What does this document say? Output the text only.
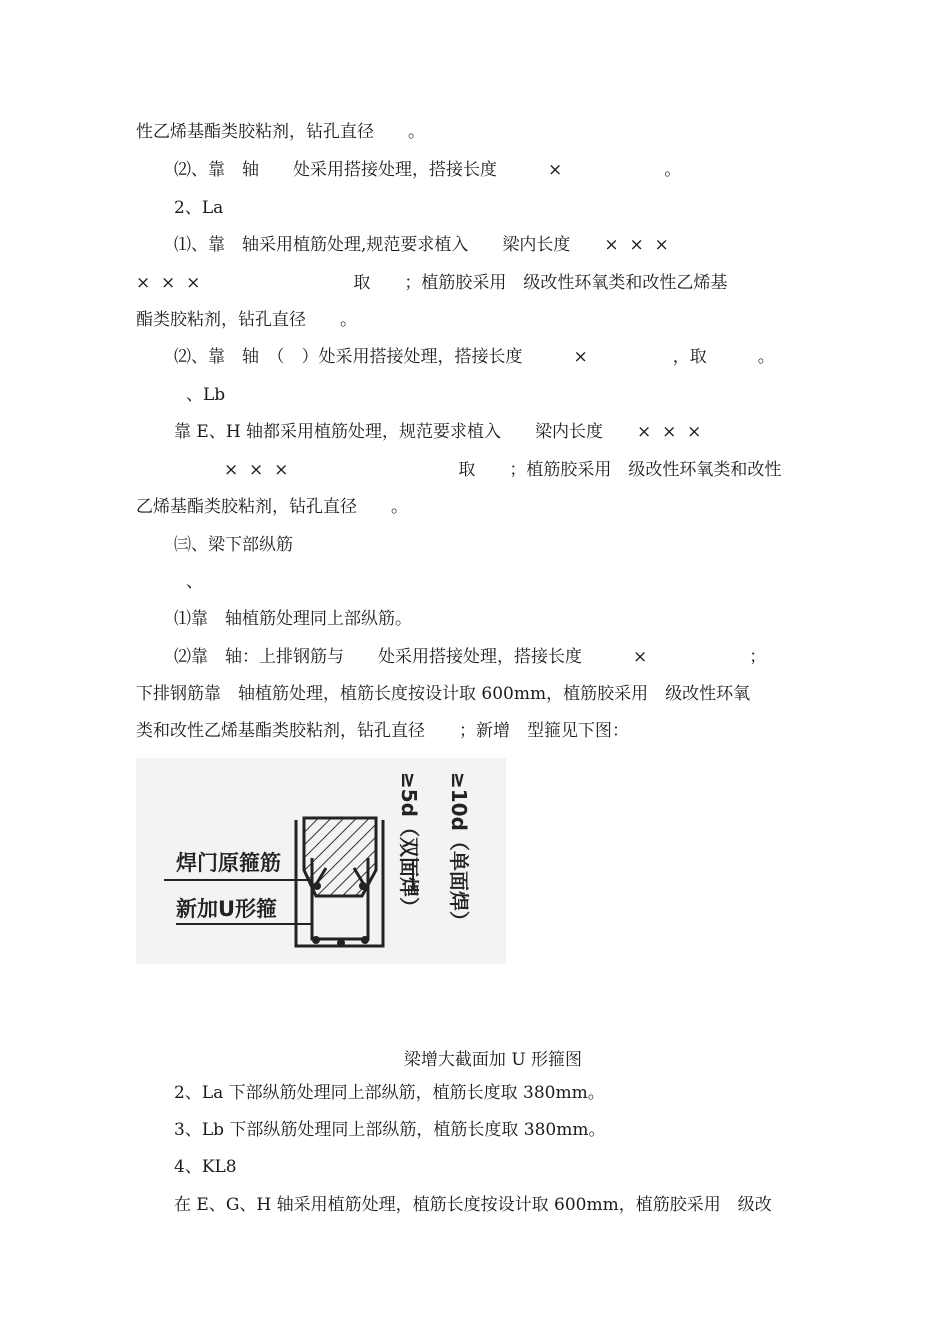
性乙烯基酯类胶粘剂，钻孔直径　　。

⑵、靠　轴　　处采用搭接处理，搭接长度　　　×　　　　　　。

2、La

⑴、靠　轴采用植筋处理,规范要求植入　　梁内长度　　×  ×  ×

×  ×  ×　　　　　　　　　取　　；植筋胶采用　级改性环氧类和改性乙烯基

酯类胶粘剂，钻孔直径　　。

⑵、靠　轴　（　）处采用搭接处理，搭接长度　　　×　　　　　，取　　　。

、Lb

靠 E、H 轴都采用植筋处理，规范要求植入　　梁内长度　　×  ×  ×

×  ×  ×　　　　　　　　　　取　　；植筋胶采用　级改性环氧类和改性

乙烯基酯类胶粘剂，钻孔直径　　。

㈢、梁下部纵筋

、

⑴靠　轴植筋处理同上部纵筋。

⑵靠　轴：上排钢筋与　　处采用搭接处理，搭接长度　　　×　　　　　　；

下排钢筋靠　轴植筋处理，植筋长度按设计取 600mm，植筋胶采用　级改性环氧

类和改性乙烯基酯类胶粘剂，钻孔直径　　；新增　型箍见下图：

焊门原箍筋
新加U形箍	≥5d（双面焊） ≥10d（单面焊）

梁增大截面加 U 形箍图

2、La 下部纵筋处理同上部纵筋，植筋长度取 380mm。

3、Lb 下部纵筋处理同上部纵筋，植筋长度取 380mm。

4、KL8

在 E、G、H 轴采用植筋处理，植筋长度按设计取 600mm，植筋胶采用　级改
